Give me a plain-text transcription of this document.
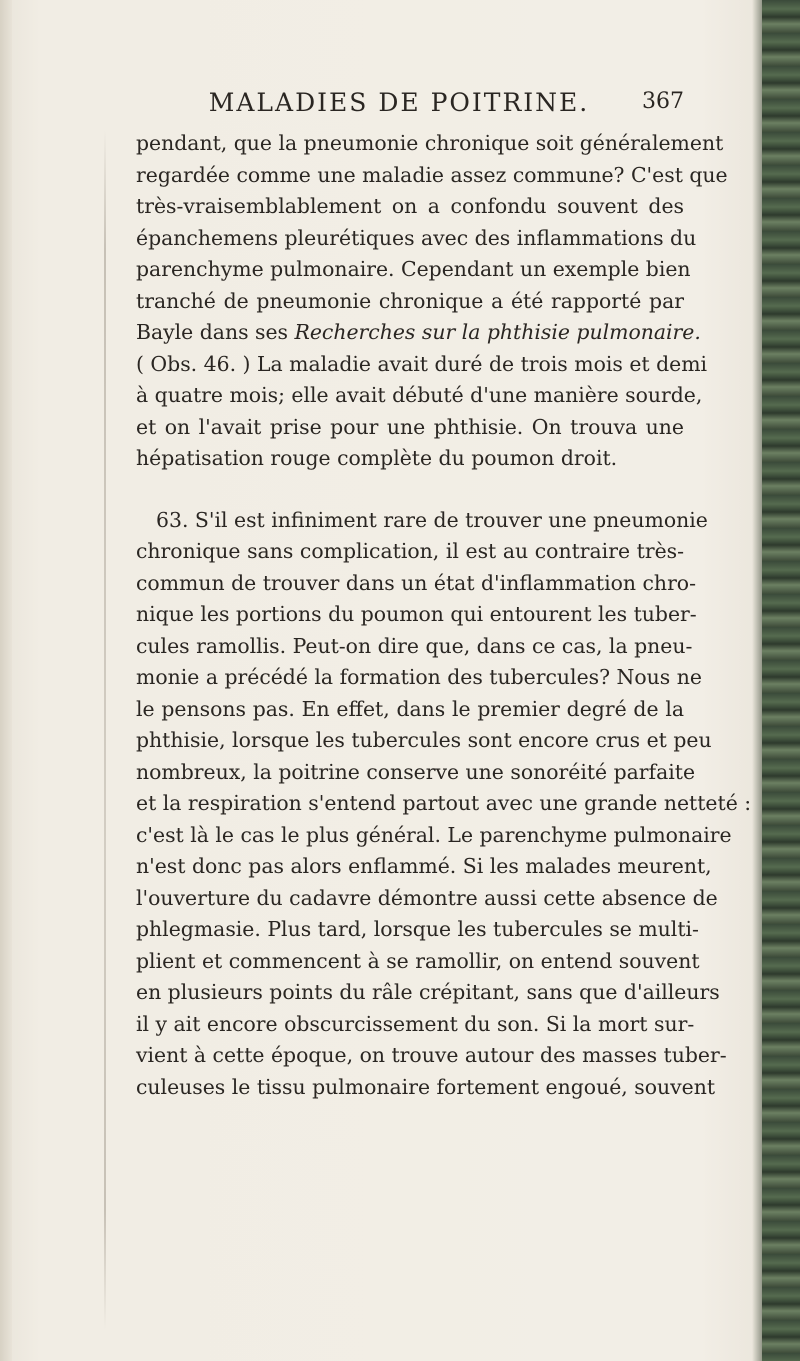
MALADIES DE POITRINE.	367
pendant, que la pneumonie chronique soit généralement
regardée comme une maladie assez commune? C'est que
très-vraisemblablement on a confondu souvent des
épanchemens pleurétiques avec des inflammations du
parenchyme pulmonaire. Cependant un exemple bien
tranché de pneumonie chronique a été rapporté par
Bayle dans ses Recherches sur la phthisie pulmonaire.
( Obs. 46. ) La maladie avait duré de trois mois et demi
à quatre mois; elle avait débuté d'une manière sourde,
et on l'avait prise pour une phthisie. On trouva une
hépatisation rouge complète du poumon droit.
63. S'il est infiniment rare de trouver une pneumonie
chronique sans complication, il est au contraire très-
commun de trouver dans un état d'inflammation chro-
nique les portions du poumon qui entourent les tuber-
cules ramollis. Peut-on dire que, dans ce cas, la pneu-
monie a précédé la formation des tubercules? Nous ne
le pensons pas. En effet, dans le premier degré de la
phthisie, lorsque les tubercules sont encore crus et peu
nombreux, la poitrine conserve une sonoréité parfaite
et la respiration s'entend partout avec une grande netteté :
c'est là le cas le plus général. Le parenchyme pulmonaire
n'est donc pas alors enflammé. Si les malades meurent,
l'ouverture du cadavre démontre aussi cette absence de
phlegmasie. Plus tard, lorsque les tubercules se multi-
plient et commencent à se ramollir, on entend souvent
en plusieurs points du râle crépitant, sans que d'ailleurs
il y ait encore obscurcissement du son. Si la mort sur-
vient à cette époque, on trouve autour des masses tuber-
culeuses le tissu pulmonaire fortement engoué, souvent
